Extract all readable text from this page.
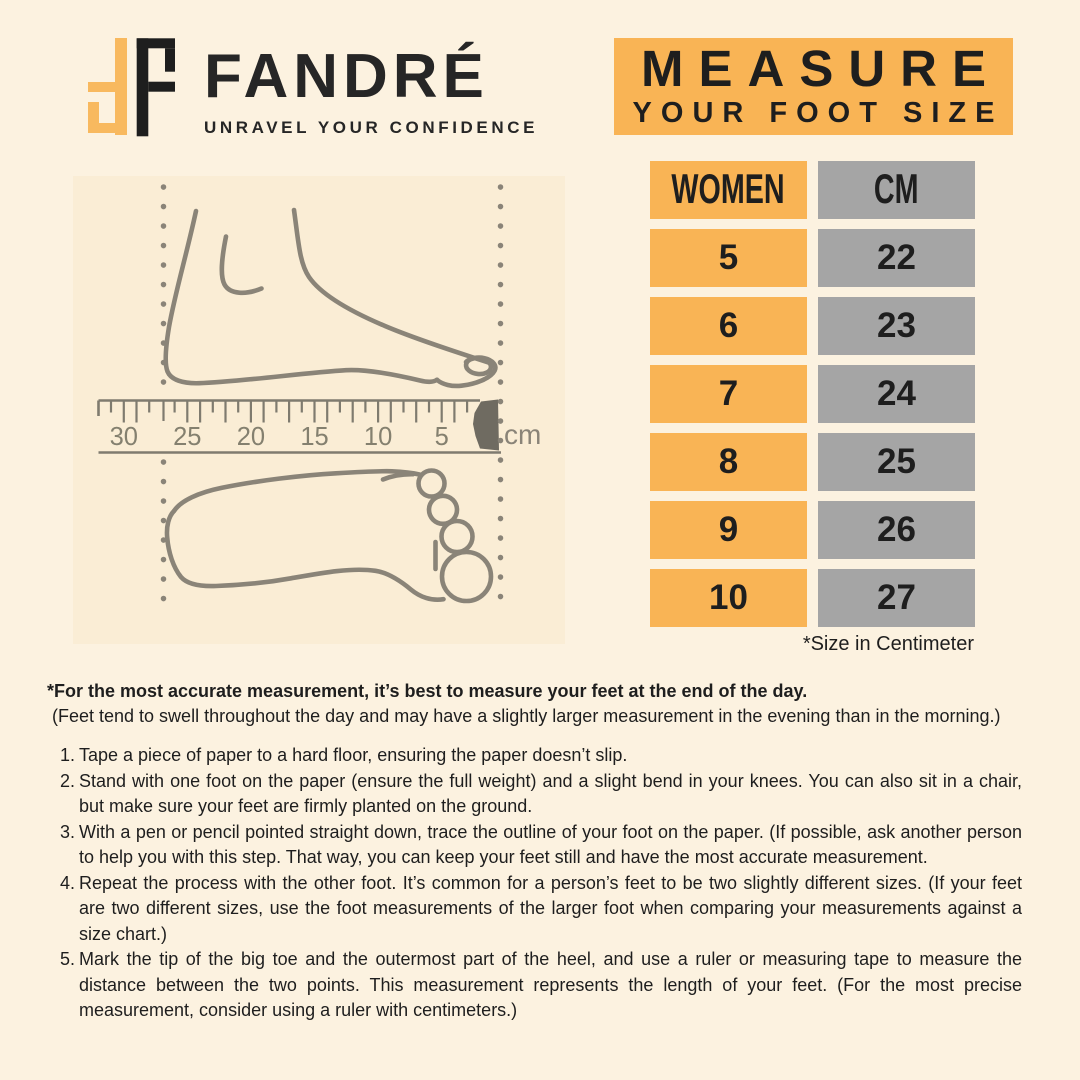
FANDRÉ
UNRAVEL YOUR CONFIDENCE
MEASURE
YOUR FOOT SIZE
30 25 20 15 10 5 cm
WOMEN	CM
5	22
6	23
7	24
8	25
9	26
10	27
*Size in Centimeter
*For the most accurate measurement, it’s best to measure your feet at the end of the day.
(Feet tend to swell throughout the day and may have a slightly larger measurement in the evening than in the morning.)
1. Tape a piece of paper to a hard floor, ensuring the paper doesn’t slip.
2. Stand with one foot on the paper (ensure the full weight) and a slight bend in your knees. You can also sit in a chair, but make sure your feet are firmly planted on the ground.
3. With a pen or pencil pointed straight down, trace the outline of your foot on the paper. (If possible, ask another person to help you with this step. That way, you can keep your feet still and have the most accurate measurement.
4. Repeat the process with the other foot. It’s common for a person’s feet to be two slightly different sizes. (If your feet are two different sizes, use the foot measurements of the larger foot when comparing your measurements against a size chart.)
5. Mark the tip of the big toe and the outermost part of the heel, and use a ruler or measuring tape to measure the distance between the two points. This measurement represents the length of your feet. (For the most precise measurement, consider using a ruler with centimeters.)
